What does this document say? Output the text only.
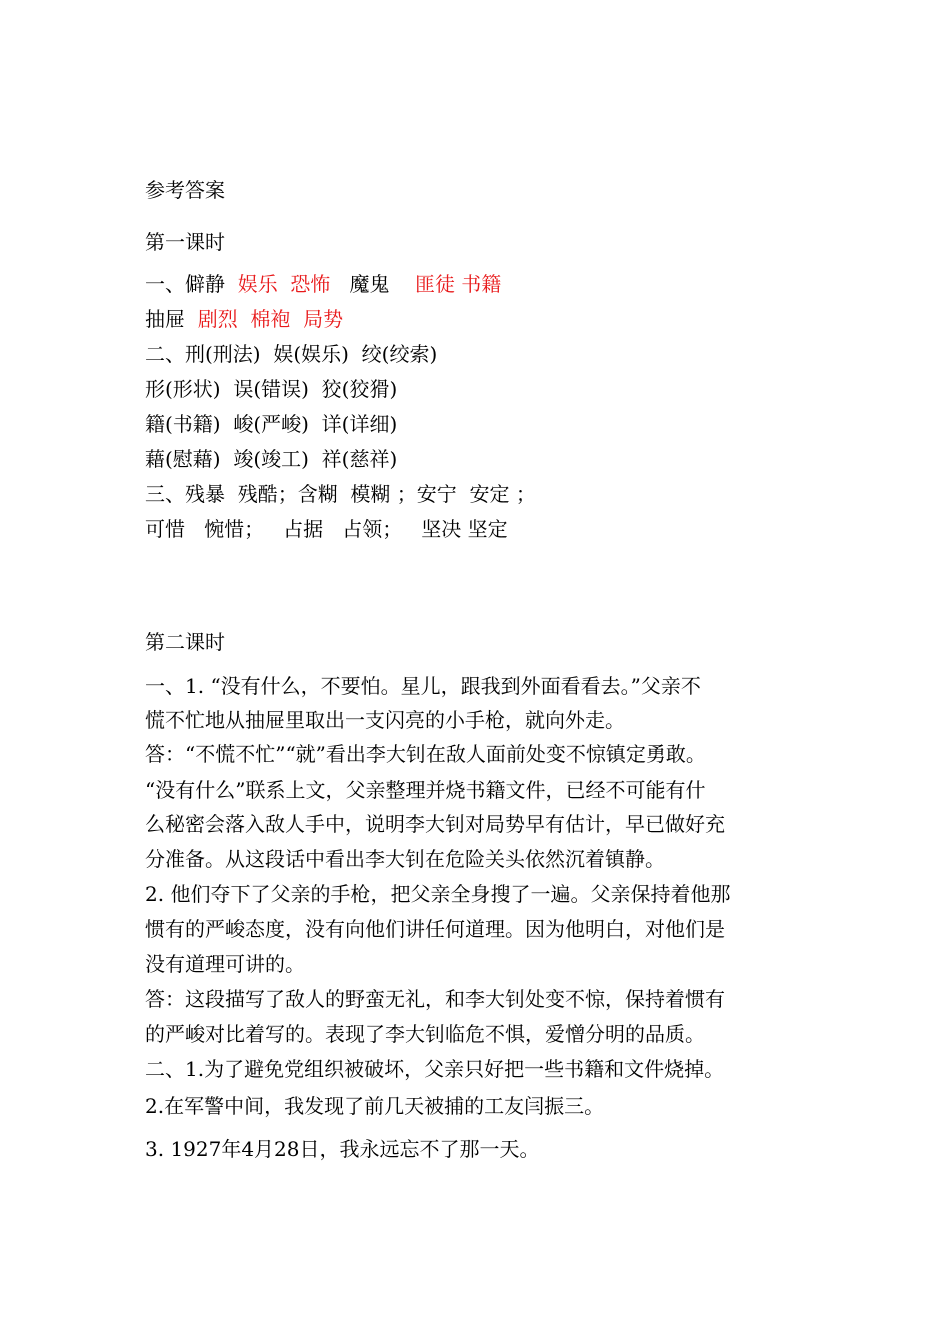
参考答案
第一课时
一、僻静  娱乐  恐怖   魔鬼    匪徒 书籍
抽屉  剧烈  棉袍  局势
二、刑(刑法)  娱(娱乐)  绞(绞索)
形(形状)  误(错误)  狡(狡猾)
籍(书籍)  峻(严峻)  详(详细)
藉(慰藉)  竣(竣工)  祥(慈祥)
三、残暴  残酷；含糊  模糊 ；安宁  安定 ；
可惜   惋惜；   占据   占领；   坚决 坚定
第二课时
一、1. “没有什么，不要怕。星儿，跟我到外面看看去。”父亲不
慌不忙地从抽屉里取出一支闪亮的小手枪，就向外走。
答：“不慌不忙”“就”看出李大钊在敌人面前处变不惊镇定勇敢。
“没有什么”联系上文，父亲整理并烧书籍文件，已经不可能有什
么秘密会落入敌人手中，说明李大钊对局势早有估计，早已做好充
分准备。从这段话中看出李大钊在危险关头依然沉着镇静。
2. 他们夺下了父亲的手枪，把父亲全身搜了一遍。父亲保持着他那
惯有的严峻态度，没有向他们讲任何道理。因为他明白，对他们是
没有道理可讲的。
答：这段描写了敌人的野蛮无礼，和李大钊处变不惊，保持着惯有
的严峻对比着写的。表现了李大钊临危不惧，爱憎分明的品质。
二、1.为了避免党组织被破坏，父亲只好把一些书籍和文件烧掉。
2.在军警中间，我发现了前几天被捕的工友闫振三。
3. 1927年4月28日，我永远忘不了那一天。
